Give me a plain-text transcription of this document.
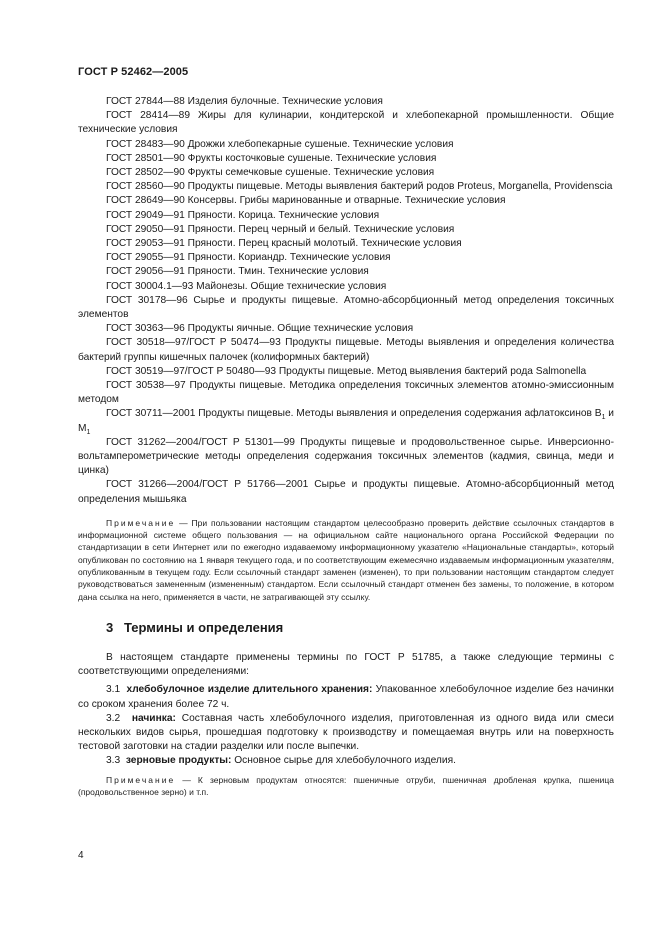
ГОСТ Р 52462—2005

ГОСТ 27844—88 Изделия булочные. Технические условия

ГОСТ 28414—89 Жиры для кулинарии, кондитерской и хлебопекарной промышленности. Общие технические условия

ГОСТ 28483—90 Дрожжи хлебопекарные сушеные. Технические условия

ГОСТ 28501—90 Фрукты косточковые сушеные. Технические условия

ГОСТ 28502—90 Фрукты семечковые сушеные. Технические условия

ГОСТ 28560—90 Продукты пищевые. Методы выявления бактерий родов Proteus, Morganella, Providenscia

ГОСТ 28649—90 Консервы. Грибы маринованные и отварные. Технические условия

ГОСТ 29049—91 Пряности. Корица. Технические условия

ГОСТ 29050—91 Пряности. Перец черный и белый. Технические условия

ГОСТ 29053—91 Пряности. Перец красный молотый. Технические условия

ГОСТ 29055—91 Пряности. Кориандр. Технические условия

ГОСТ 29056—91 Пряности. Тмин. Технические условия

ГОСТ 30004.1—93 Майонезы. Общие технические условия

ГОСТ 30178—96 Сырье и продукты пищевые. Атомно-абсорбционный метод определения токсичных элементов

ГОСТ 30363—96 Продукты яичные. Общие технические условия

ГОСТ 30518—97/ГОСТ Р 50474—93 Продукты пищевые. Методы выявления и определения количества бактерий группы кишечных палочек (колиформных бактерий)

ГОСТ 30519—97/ГОСТ Р 50480—93 Продукты пищевые. Метод выявления бактерий рода Salmonella

ГОСТ 30538—97 Продукты пищевые. Методика определения токсичных элементов атомно-эмиссионным методом

ГОСТ 30711—2001 Продукты пищевые. Методы выявления и определения содержания афлатоксинов $B_1$ и $M_1$

ГОСТ 31262—2004/ГОСТ Р 51301—99 Продукты пищевые и продовольственное сырье. Инверсионно-вольтамперометрические методы определения содержания токсичных элементов (кадмия, свинца, меди и цинка)

ГОСТ 31266—2004/ГОСТ Р 51766—2001 Сырье и продукты пищевые. Атомно-абсорбционный метод определения мышьяка

Примечание — При пользовании настоящим стандартом целесообразно проверить действие ссылочных стандартов в информационной системе общего пользования — на официальном сайте национального органа Российской Федерации по стандартизации в сети Интернет или по ежегодно издаваемому информационному указателю «Национальные стандарты», который опубликован по состоянию на 1 января текущего года, и по соответствующим ежемесячно издаваемым информационным указателям, опубликованным в текущем году. Если ссылочный стандарт заменен (изменен), то при пользовании настоящим стандартом следует руководствоваться замененным (измененным) стандартом. Если ссылочный стандарт отменен без замены, то положение, в котором дана ссылка на него, применяется в части, не затрагивающей эту ссылку.

3 Термины и определения

В настоящем стандарте применены термины по ГОСТ Р 51785, а также следующие термины с соответствующими определениями:

3.1 хлебобулочное изделие длительного хранения: Упакованное хлебобулочное изделие без начинки со сроком хранения более 72 ч.

3.2 начинка: Составная часть хлебобулочного изделия, приготовленная из одного вида или смеси нескольких видов сырья, прошедшая подготовку к производству и помещаемая внутрь или на поверхность тестовой заготовки на стадии разделки или после выпечки.

3.3 зерновые продукты: Основное сырье для хлебобулочного изделия.

Примечание — К зерновым продуктам относятся: пшеничные отруби, пшеничная дробленая крупка, пшеница (продовольственное зерно) и т.п.

4
